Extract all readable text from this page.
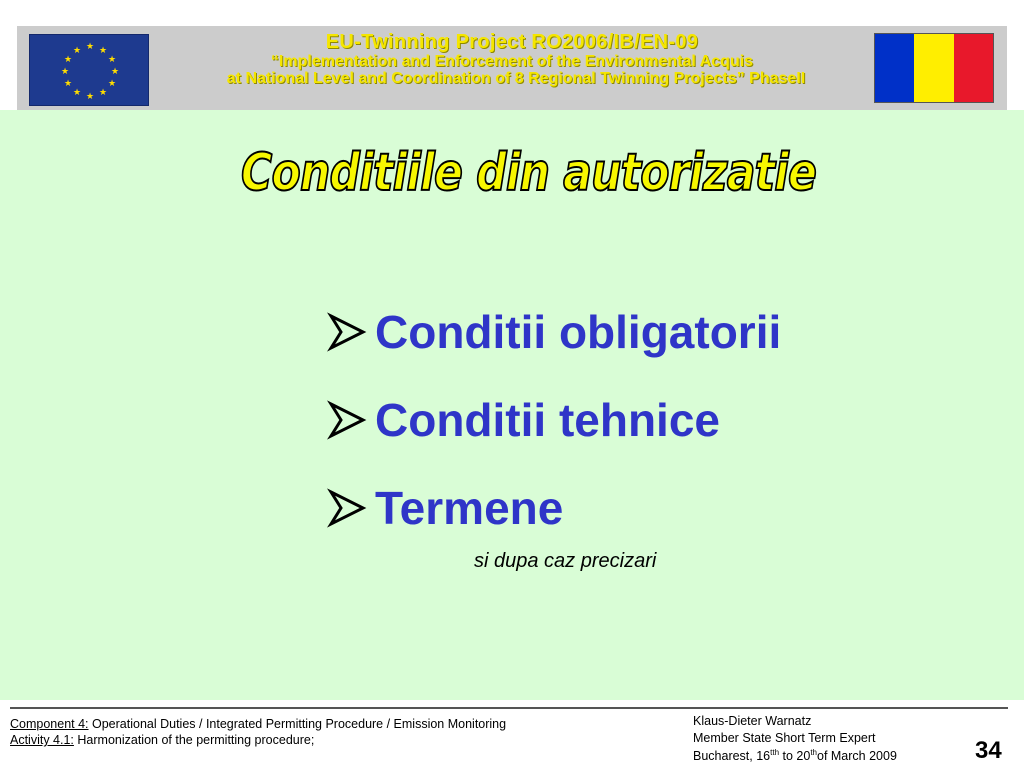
★ ★
★
★
★
★
★
★
★
★
★
★	EU-Twinning Project RO2006/IB/EN-09
“Implementation and Enforcement of the Environmental Acquis
at National Level and Coordination of 8 Regional Twinning Projects” PhaseII
Conditiile din autorizatie
Conditii obligatorii
Conditii tehnice
Termene
si dupa caz precizari
Component 4: Operational Duties / Integrated Permitting Procedure / Emission Monitoring
Activity 4.1: Harmonization of the permitting procedure;
Klaus-Dieter Warnatz
Member State Short Term Expert
Bucharest, $16^{tth}$ to 20thof March 2009	34
